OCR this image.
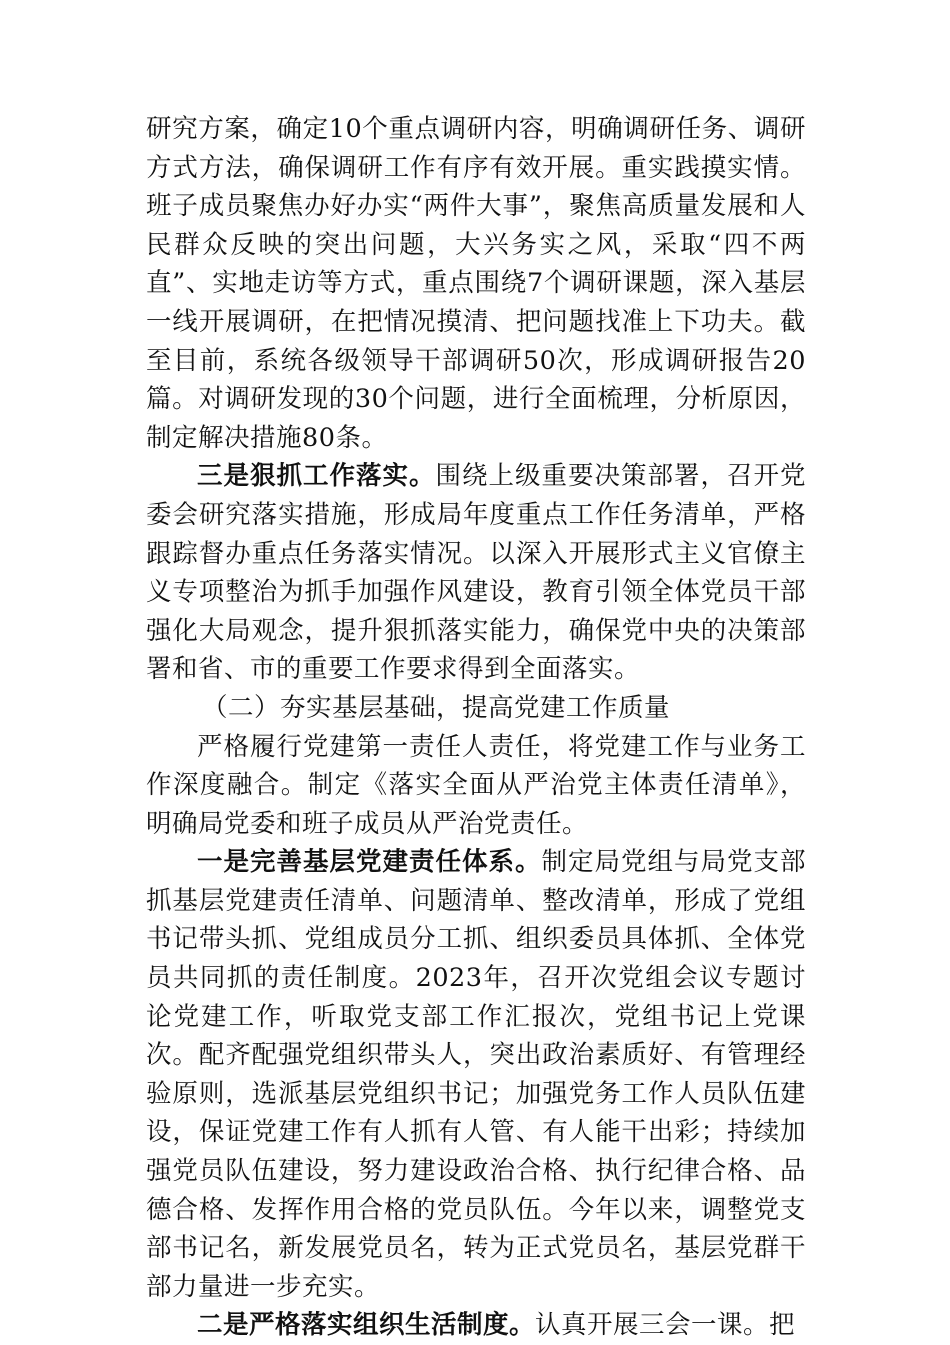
研究方案，确定10个重点调研内容，明确调研任务、调研方式方法，确保调研工作有序有效开展。重实践摸实情。班子成员聚焦办好办实“两件大事”，聚焦高质量发展和人民群众反映的突出问题，大兴务实之风，采取“四不两直”、实地走访等方式，重点围绕7个调研课题，深入基层一线开展调研，在把情况摸清、把问题找准上下功夫。截至目前，系统各级领导干部调研50次，形成调研报告20篇。对调研发现的30个问题，进行全面梳理，分析原因，制定解决措施80条。

三是狠抓工作落实。围绕上级重要决策部署，召开党委会研究落实措施，形成局年度重点工作任务清单，严格跟踪督办重点任务落实情况。以深入开展形式主义官僚主义专项整治为抓手加强作风建设，教育引领全体党员干部强化大局观念，提升狠抓落实能力，确保党中央的决策部署和省、市的重要工作要求得到全面落实。

（二）夯实基层基础，提高党建工作质量

严格履行党建第一责任人责任，将党建工作与业务工作深度融合。制定《落实全面从严治党主体责任清单》，明确局党委和班子成员从严治党责任。

一是完善基层党建责任体系。制定局党组与局党支部抓基层党建责任清单、问题清单、整改清单，形成了党组书记带头抓、党组成员分工抓、组织委员具体抓、全体党员共同抓的责任制度。2023年，召开次党组会议专题讨论党建工作，听取党支部工作汇报次，党组书记上党课次。配齐配强党组织带头人，突出政治素质好、有管理经验原则，选派基层党组织书记；加强党务工作人员队伍建设，保证党建工作有人抓有人管、有人能干出彩；持续加强党员队伍建设，努力建设政治合格、执行纪律合格、品德合格、发挥作用合格的党员队伍。今年以来，调整党支部书记名，新发展党员名，转为正式党员名，基层党群干部力量进一步充实。

二是严格落实组织生活制度。认真开展三会一课。把
